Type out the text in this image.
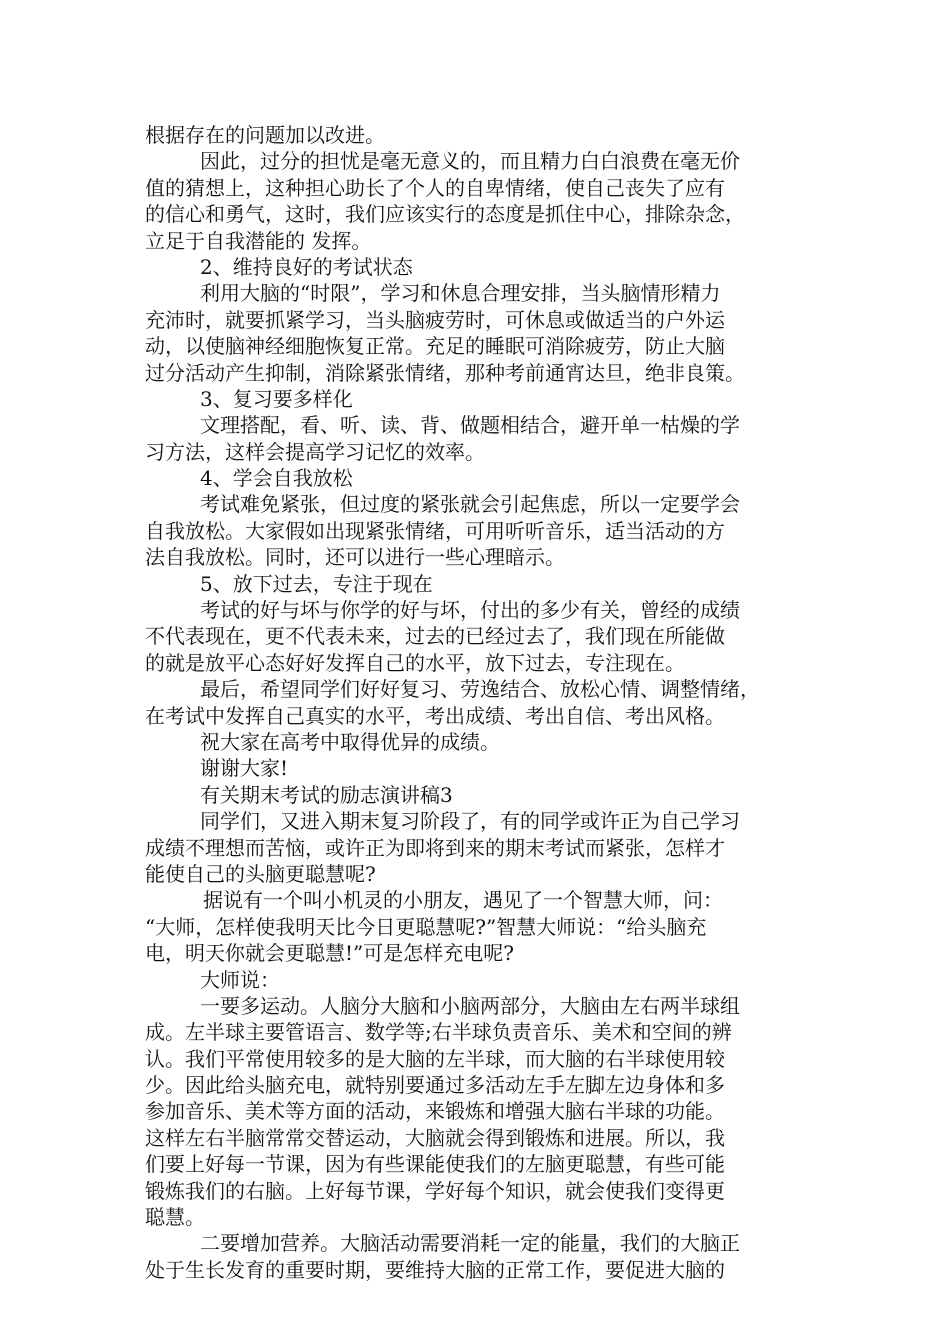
根据存在的问题加以改进。
因此，过分的担忧是毫无意义的，而且精力白白浪费在毫无价
值的猜想上，这种担心助长了个人的自卑情绪，使自己丧失了应有
的信心和勇气，这时，我们应该实行的态度是抓住中心，排除杂念，
立足于自我潜能的 发挥。
2、维持良好的考试状态
利用大脑的“时限”，学习和休息合理安排，当头脑情形精力
充沛时，就要抓紧学习，当头脑疲劳时，可休息或做适当的户外运
动，以使脑神经细胞恢复正常。充足的睡眠可消除疲劳，防止大脑
过分活动产生抑制，消除紧张情绪，那种考前通宵达旦，绝非良策。
3、复习要多样化
文理搭配，看、听、读、背、做题相结合，避开单一枯燥的学
习方法，这样会提高学习记忆的效率。
4、学会自我放松
考试难免紧张，但过度的紧张就会引起焦虑，所以一定要学会
自我放松。大家假如出现紧张情绪，可用听听音乐，适当活动的方
法自我放松。同时，还可以进行一些心理暗示。
5、放下过去，专注于现在
考试的好与坏与你学的好与坏，付出的多少有关，曾经的成绩
不代表现在，更不代表未来，过去的已经过去了，我们现在所能做
的就是放平心态好好发挥自己的水平，放下过去，专注现在。
最后，希望同学们好好复习、劳逸结合、放松心情、调整情绪，
在考试中发挥自己真实的水平，考出成绩、考出自信、考出风格。
祝大家在高考中取得优异的成绩。
谢谢大家!
有关期末考试的励志演讲稿3
同学们，又进入期末复习阶段了，有的同学或许正为自己学习
成绩不理想而苦恼，或许正为即将到来的期末考试而紧张，怎样才
能使自己的头脑更聪慧呢?
据说有一个叫小机灵的小朋友，遇见了一个智慧大师，问：
“大师，怎样使我明天比今日更聪慧呢?”智慧大师说：“给头脑充
电，明天你就会更聪慧!”可是怎样充电呢?
大师说：
一要多运动。人脑分大脑和小脑两部分，大脑由左右两半球组
成。左半球主要管语言、数学等;右半球负责音乐、美术和空间的辨
认。我们平常使用较多的是大脑的左半球，而大脑的右半球使用较
少。因此给头脑充电，就特别要通过多活动左手左脚左边身体和多
参加音乐、美术等方面的活动，来锻炼和增强大脑右半球的功能。
这样左右半脑常常交替运动，大脑就会得到锻炼和进展。所以，我
们要上好每一节课，因为有些课能使我们的左脑更聪慧，有些可能
锻炼我们的右脑。上好每节课，学好每个知识，就会使我们变得更
聪慧。
二要增加营养。大脑活动需要消耗一定的能量，我们的大脑正
处于生长发育的重要时期，要维持大脑的正常工作，要促进大脑的
